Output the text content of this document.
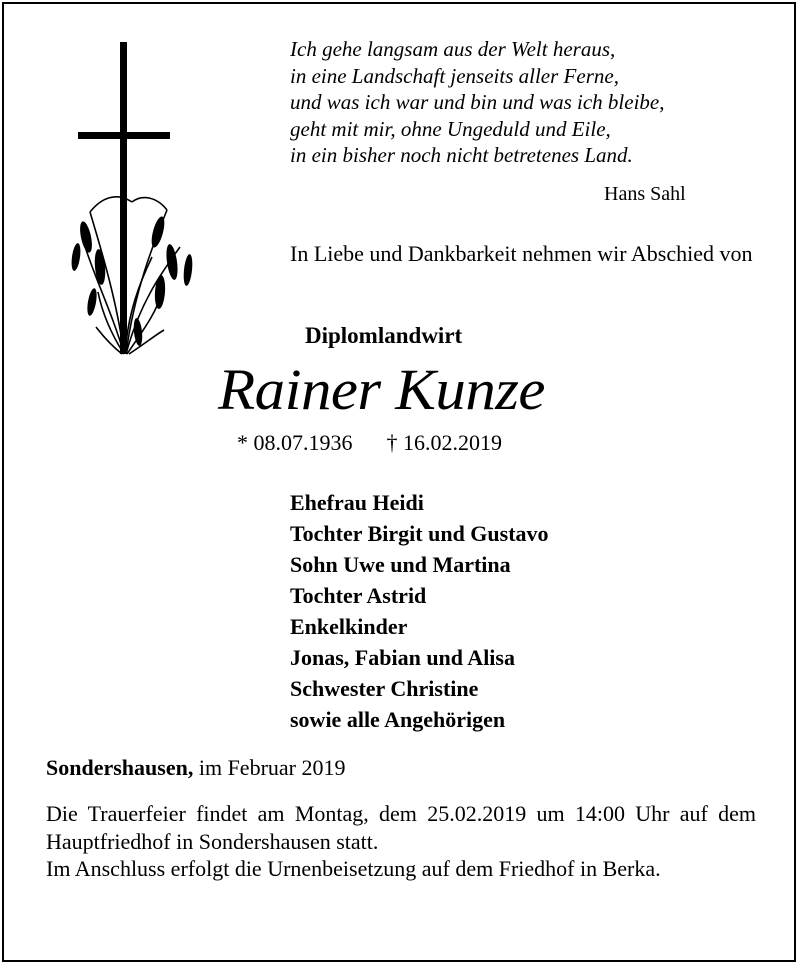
Ich gehe langsam aus der Welt heraus,
in eine Landschaft jenseits aller Ferne,
und was ich war und bin und was ich bleibe,
geht mit mir, ohne Ungeduld und Eile,
in ein bisher noch nicht betretenes Land.
Hans Sahl
In Liebe und Dankbarkeit nehmen wir Abschied von
Diplomlandwirt
Rainer Kunze
* 08.07.1936 † 16.02.2019
Ehefrau Heidi
Tochter Birgit und Gustavo
Sohn Uwe und Martina
Tochter Astrid
Enkelkinder
Jonas, Fabian und Alisa
Schwester Christine
sowie alle Angehörigen
Sondershausen, im Februar 2019
Die Trauerfeier findet am Montag, dem 25.02.2019 um 14:00 Uhr auf dem Hauptfriedhof in Sondershausen statt.
Im Anschluss erfolgt die Urnenbeisetzung auf dem Friedhof in Berka.
